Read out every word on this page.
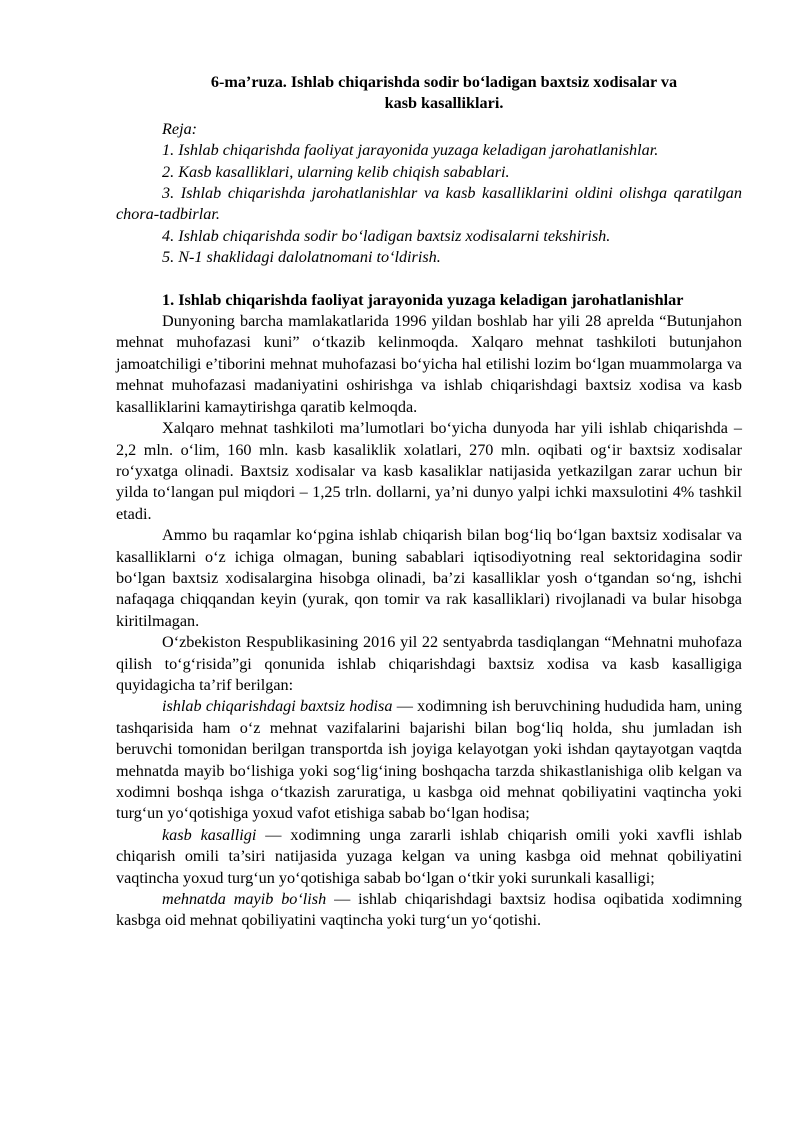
6-ma’ruza. Ishlab chiqarishda sodir bo‘ladigan baxtsiz xodisalar va
kasb kasalliklari.

Reja:

1. Ishlab chiqarishda faoliyat jarayonida yuzaga keladigan jarohatlanishlar.

2. Kasb kasalliklari, ularning kelib chiqish sabablari.

3. Ishlab chiqarishda jarohatlanishlar va kasb kasalliklarini oldini olishga qaratilgan chora-tadbirlar.

4. Ishlab chiqarishda sodir bo‘ladigan baxtsiz xodisalarni tekshirish.

5. N-1 shaklidagi dalolatnomani to‘ldirish.

1. Ishlab chiqarishda faoliyat jarayonida yuzaga keladigan jarohatlanishlar

Dunyoning barcha mamlakatlarida 1996 yildan boshlab har yili 28 aprelda “Butunjahon mehnat muhofazasi kuni” o‘tkazib kelinmoqda. Xalqaro mehnat tashkiloti butunjahon jamoatchiligi e’tiborini mehnat muhofazasi bo‘yicha hal etilishi lozim bo‘lgan muammolarga va mehnat muhofazasi madaniyatini oshirishga va ishlab chiqarishdagi baxtsiz xodisa va kasb kasalliklarini kamaytirishga qaratib kelmoqda.

Xalqaro mehnat tashkiloti ma’lumotlari bo‘yicha dunyoda har yili ishlab chiqarishda – 2,2 mln. o‘lim, 160 mln. kasb kasaliklik xolatlari, 270 mln. oqibati og‘ir baxtsiz xodisalar ro‘yxatga olinadi. Baxtsiz xodisalar va kasb kasaliklar natijasida yetkazilgan zarar uchun bir yilda to‘langan pul miqdori – 1,25 trln. dollarni, ya’ni dunyo yalpi ichki maxsulotini 4% tashkil etadi.

Ammo bu raqamlar ko‘pgina ishlab chiqarish bilan bog‘liq bo‘lgan baxtsiz xodisalar va kasalliklarni o‘z ichiga olmagan, buning sabablari iqtisodiyotning real sektoridagina sodir bo‘lgan baxtsiz xodisalargina hisobga olinadi, ba’zi kasalliklar yosh o‘tgandan so‘ng, ishchi nafaqaga chiqqandan keyin (yurak, qon tomir va rak kasalliklari) rivojlanadi va bular hisobga kiritilmagan.

O‘zbekiston Respublikasining 2016 yil 22 sentyabrda tasdiqlangan “Mehnatni muhofaza qilish to‘g‘risida”gi qonunida ishlab chiqarishdagi baxtsiz xodisa va kasb kasalligiga quyidagicha ta’rif berilgan:

ishlab chiqarishdagi baxtsiz hodisa — xodimning ish beruvchining hududida ham, uning tashqarisida ham o‘z mehnat vazifalarini bajarishi bilan bog‘liq holda, shu jumladan ish beruvchi tomonidan berilgan transportda ish joyiga kelayotgan yoki ishdan qaytayotgan vaqtda mehnatda mayib bo‘lishiga yoki sog‘lig‘ining boshqacha tarzda shikastlanishiga olib kelgan va xodimni boshqa ishga o‘tkazish zaruratiga, u kasbga oid mehnat qobiliyatini vaqtincha yoki turg‘un yo‘qotishiga yoxud vafot etishiga sabab bo‘lgan hodisa;

kasb kasalligi — xodimning unga zararli ishlab chiqarish omili yoki xavfli ishlab chiqarish omili ta’siri natijasida yuzaga kelgan va uning kasbga oid mehnat qobiliyatini vaqtincha yoxud turg‘un yo‘qotishiga sabab bo‘lgan o‘tkir yoki surunkali kasalligi;

mehnatda mayib bo‘lish — ishlab chiqarishdagi baxtsiz hodisa oqibatida xodimning kasbga oid mehnat qobiliyatini vaqtincha yoki turg‘un yo‘qotishi.
